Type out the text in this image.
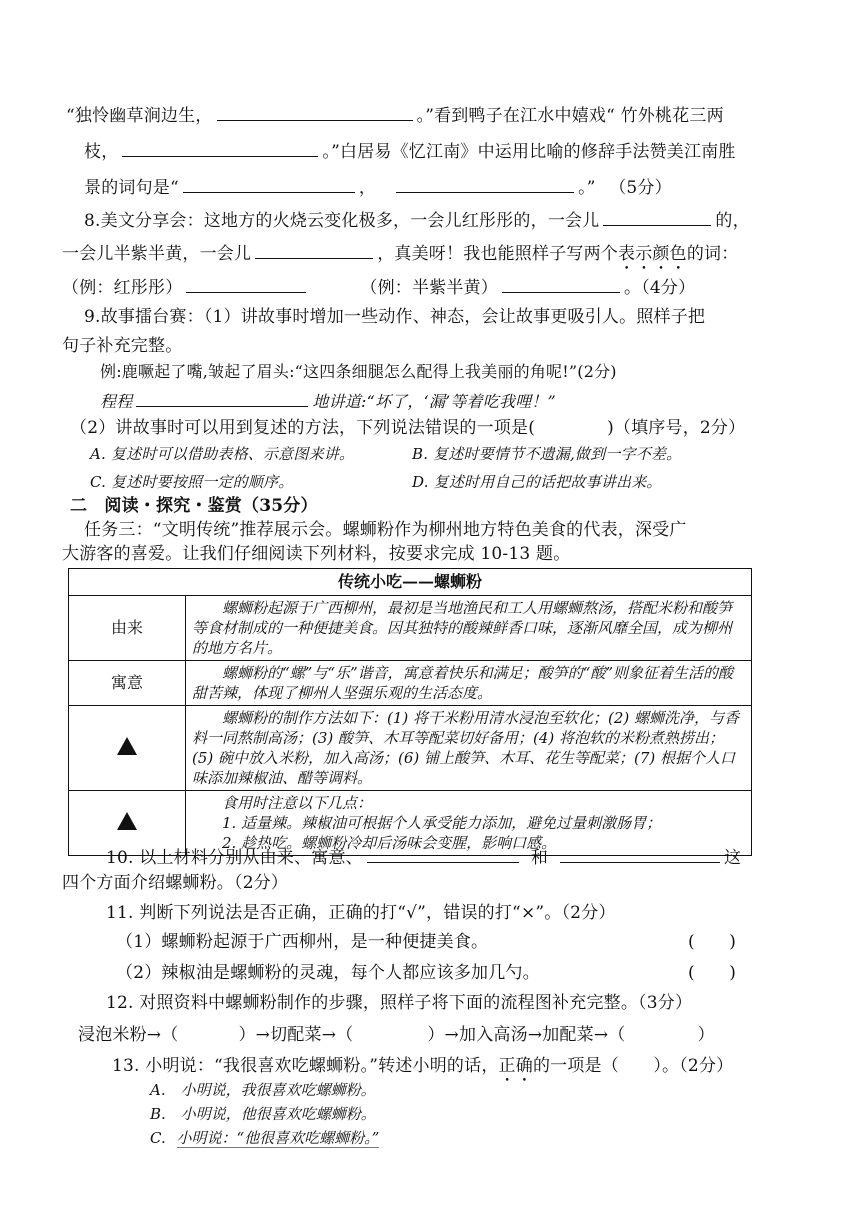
“独怜幽草涧边生，	。”看到鸭子在江水中嬉戏“ 竹外桃花三两
枝，	。”白居易《忆江南》中运用比喻的修辞手法赞美江南胜
景的词句是“	，	。” （5分）
8.美文分享会：这地方的火烧云变化极多，一会儿红彤彤的，一会儿	的，
一会儿半紫半黄，一会儿	，真美呀！我也能照样子写两个表示颜色的词：
（例：红彤彤）	（例：半紫半黄）	。（4分）
9.故事擂台赛：（1）讲故事时增加一些动作、神态，会让故事更吸引人。照样子把
句子补充完整。
例:鹿噘起了嘴,皱起了眉头:“这四条细腿怎么配得上我美丽的角呢!”(2分)
程程	地讲道:“坏了，‘漏’等着吃我哩！”
（2）讲故事时可以用到复述的方法，下列说法错误的一项是(	)（填序号，2分）
A. 复述时可以借助表格、示意图来讲。	B. 复述时要情节不遗漏,做到一字不差。
C. 复述时要按照一定的顺序。	D. 复述时用自己的话把故事讲出来。
二　阅读・探究・鉴赏（35分）
任务三：“文明传统”推荐展示会。螺蛳粉作为柳州地方特色美食的代表，深受广
大游客的喜爱。让我们仔细阅读下列材料，按要求完成 10-13 题。
传统小吃——螺蛳粉	
由来	螺蛳粉起源于广西柳州，最初是当地渔民和工人用螺蛳熬汤，搭配米粉和酸笋等食材制成的一种便捷美食。因其独特的酸辣鲜香口味，逐渐风靡全国，成为柳州的地方名片。
寓意	螺蛳粉的“螺”与“乐”谐音，寓意着快乐和满足；酸笋的“酸”则象征着生活的酸甜苦辣，体现了柳州人坚强乐观的生活态度。
	螺蛳粉的制作方法如下：(1) 将干米粉用清水浸泡至软化；(2) 螺蛳洗净，与香料一同熬制高汤；(3) 酸笋、木耳等配菜切好备用；(4) 将泡软的米粉煮熟捞出；(5) 碗中放入米粉，加入高汤；(6) 铺上酸笋、木耳、花生等配菜；(7) 根据个人口味添加辣椒油、醋等调料。

	食用时注意以下几点：
1. 适量辣。辣椒油可根据个人承受能力添加，避免过量刺激肠胃；
2. 趁热吃。螺蛳粉冷却后汤味会变腥，影响口感。
10. 以上材料分别从由来、寓意、	和	这
四个方面介绍螺蛳粉。（2分）
11. 判断下列说法是否正确，正确的打“√”，错误的打“×”。（2分）
（1）螺蛳粉起源于广西柳州，是一种便捷美食。	(　　)
（2）辣椒油是螺蛳粉的灵魂，每个人都应该多加几勺。	(　　)
12. 对照资料中螺蛳粉制作的步骤，照样子将下面的流程图补充完整。（3分）
浸泡米粉→（	）→切配菜→（	）→加入高汤→加配菜→（	）
13. 小明说：“我很喜欢吃螺蛳粉。”转述小明的话，正确的一项是（　　）。（2分）
A.　小明说，我很喜欢吃螺蛳粉。
B.　小明说，他很喜欢吃螺蛳粉。
C. 小明说：“他很喜欢吃螺蛳粉。”
